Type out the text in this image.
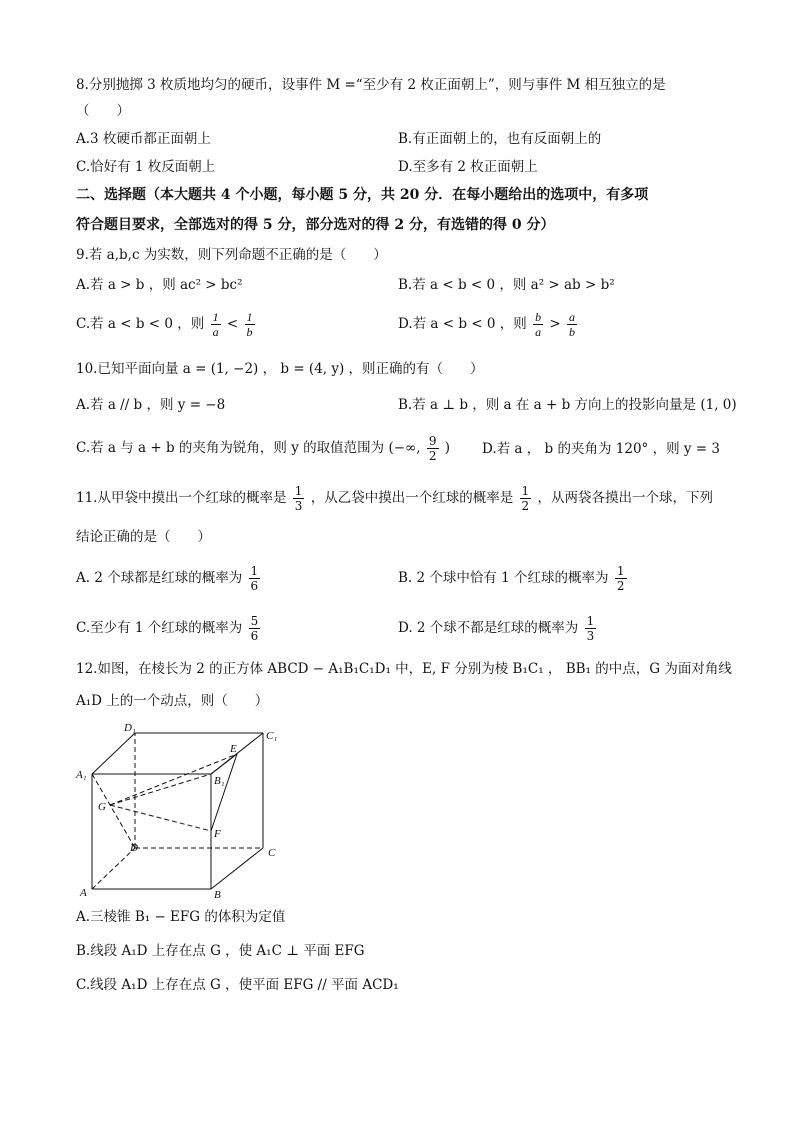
8.分别抛掷 3 枚质地均匀的硬币，设事件 M =“至少有 2 枚正面朝上”，则与事件 M 相互独立的是
（　　）
A.3 枚硬币都正面朝上	B.有正面朝上的，也有反面朝上的
C.恰好有 1 枚反面朝上	D.至多有 2 枚正面朝上
二、选择题（本大题共 4 个小题，每小题 5 分，共 20 分．在每小题给出的选项中，有多项
符合题目要求，全部选对的得 5 分，部分选对的得 2 分，有选错的得 0 分）
9.若 a,b,c 为实数，则下列命题不正确的是（　　）
A.若 a > b ，则 ac² > bc²	B.若 a < b < 0 ，则 a² > ab > b²
C.若 a < b < 0 ，则 $\frac{1}{a} < \frac{1}{b}$	D.若 a < b < 0 ，则 $\frac{b}{a} > \frac{a}{b}$
10.已知平面向量 a = (1, −2) ， b = (4, y) ，则正确的有（　　）
A.若 a // b ，则 y = −8	B.若 a ⊥ b ，则 a 在 a + b 方向上的投影向量是 (1, 0)
C.若 a 与 a + b 的夹角为锐角，则 y 的取值范围为 (−∞, $\frac{9}{2}$ ) D.若 a ， b 的夹角为 120° ，则 y = 3
11.从甲袋中摸出一个红球的概率是 $\frac{1}{3}$ ，从乙袋中摸出一个红球的概率是 $\frac{1}{2}$ ，从两袋各摸出一个球，下列
结论正确的是（　　）
A. 2 个球都是红球的概率为 $\frac{1}{6}$	B. 2 个球中恰有 1 个红球的概率为 $\frac{1}{2}$
C.至少有 1 个红球的概率为 $\frac{5}{6}$	D. 2 个球不都是红球的概率为 $\frac{1}{3}$
12.如图，在棱长为 2 的正方体 ABCD − A₁B₁C₁D₁ 中，E, F 分别为棱 B₁C₁ ， BB₁ 的中点，G 为面对角线
A₁D 上的一个动点，则（　　）
D₁
C₁
A₁	B₁
E
G
F
D	C
A	B
A.三棱锥 B₁ − EFG 的体积为定值
B.线段 A₁D 上存在点 G ，使 A₁C ⊥ 平面 EFG
C.线段 A₁D 上存在点 G ，使平面 EFG // 平面 ACD₁
